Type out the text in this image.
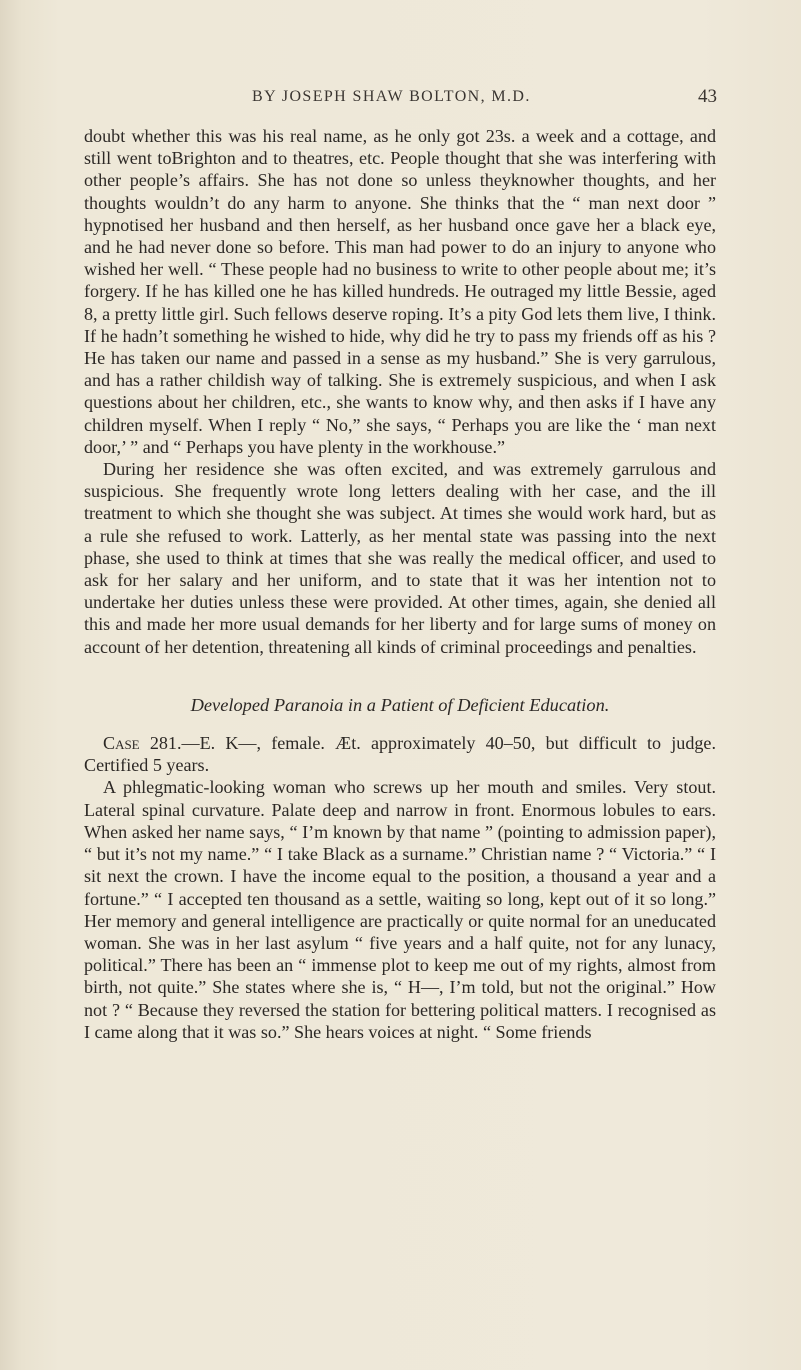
BY JOSEPH SHAW BOLTON, M.D.	43

doubt whether this was his real name, as he only got 23s. a week and a cottage, and still went toBrighton and to theatres, etc. People thought that she was interfering with other people’s affairs. She has not done so unless theyknowher thoughts, and her thoughts wouldn’t do any harm to anyone. She thinks that the “ man next door ” hypnotised her husband and then herself, as her husband once gave her a black eye, and he had never done so before. This man had power to do an injury to anyone who wished her well. “ These people had no business to write to other people about me; it’s forgery. If he has killed one he has killed hundreds. He outraged my little Bessie, aged 8, a pretty little girl. Such fellows deserve roping. It’s a pity God lets them live, I think. If he hadn’t something he wished to hide, why did he try to pass my friends off as his ? He has taken our name and passed in a sense as my husband.” She is very garrulous, and has a rather childish way of talking. She is extremely suspicious, and when I ask questions about her children, etc., she wants to know why, and then asks if I have any children myself. When I reply “ No,” she says, “ Perhaps you are like the ‘ man next door,’ ” and “ Perhaps you have plenty in the workhouse.”

During her residence she was often excited, and was extremely garrulous and suspicious. She frequently wrote long letters dealing with her case, and the ill treatment to which she thought she was subject. At times she would work hard, but as a rule she refused to work. Latterly, as her mental state was passing into the next phase, she used to think at times that she was really the medical officer, and used to ask for her salary and her uniform, and to state that it was her intention not to undertake her duties unless these were provided. At other times, again, she denied all this and made her more usual demands for her liberty and for large sums of money on account of her detention, threatening all kinds of criminal proceedings and penalties.

Developed Paranoia in a Patient of Deficient Education.

Case 281.—E. K—, female. Æt. approximately 40–50, but difficult to judge. Certified 5 years.

A phlegmatic-looking woman who screws up her mouth and smiles. Very stout. Lateral spinal curvature. Palate deep and narrow in front. Enormous lobules to ears. When asked her name says, “ I’m known by that name ” (pointing to admission paper), “ but it’s not my name.” “ I take Black as a surname.” Christian name ? “ Victoria.” “ I sit next the crown. I have the income equal to the position, a thousand a year and a fortune.” “ I accepted ten thousand as a settle, waiting so long, kept out of it so long.” Her memory and general intelligence are practically or quite normal for an uneducated woman. She was in her last asylum “ five years and a half quite, not for any lunacy, political.” There has been an “ immense plot to keep me out of my rights, almost from birth, not quite.” She states where she is, “ H—, I’m told, but not the original.” How not ? “ Because they reversed the station for bettering political matters. I recognised as I came along that it was so.” She hears voices at night. “ Some friends
